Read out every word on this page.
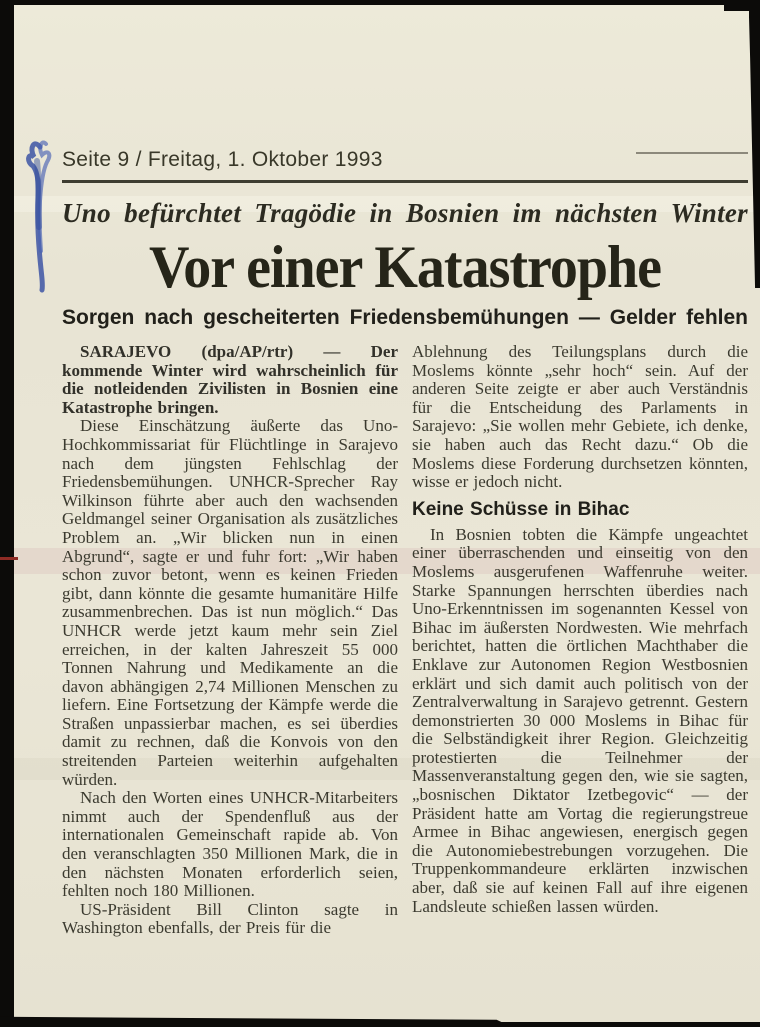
Seite 9 / Freitag, 1. Oktober 1993
Uno befürchtet Tragödie in Bosnien im nächsten Winter
Vor einer Katastrophe
Sorgen nach gescheiterten Friedensbemühungen — Gelder fehlen

SARAJEVO (dpa/AP/rtr) — Der kommende Winter wird wahrscheinlich für die notleidenden Zivilisten in Bosnien eine Katastrophe bringen.

Diese Einschätzung äußerte das Uno-Hochkommissariat für Flüchtlinge in Sarajevo nach dem jüngsten Fehlschlag der Friedensbemühungen. UNHCR-Sprecher Ray Wilkinson führte aber auch den wachsenden Geldmangel seiner Organisation als zusätzliches Problem an. „Wir blicken nun in einen Abgrund“, sagte er und fuhr fort: „Wir haben schon zuvor betont, wenn es keinen Frieden gibt, dann könnte die gesamte humanitäre Hilfe zusammenbrechen. Das ist nun möglich.“ Das UNHCR werde jetzt kaum mehr sein Ziel erreichen, in der kalten Jahreszeit 55 000 Tonnen Nahrung und Medikamente an die davon abhängigen 2,74 Millionen Menschen zu liefern. Eine Fortsetzung der Kämpfe werde die Straßen unpassierbar machen, es sei überdies damit zu rechnen, daß die Konvois von den streitenden Parteien weiterhin aufgehalten würden.

Nach den Worten eines UNHCR-Mitarbeiters nimmt auch der Spendenfluß aus der internationalen Gemeinschaft rapide ab. Von den veranschlagten 350 Millionen Mark, die in den nächsten Monaten erforderlich seien, fehlten noch 180 Millionen.

US-Präsident Bill Clinton sagte in Washington ebenfalls, der Preis für die

Ablehnung des Teilungsplans durch die Moslems könnte „sehr hoch“ sein. Auf der anderen Seite zeigte er aber auch Verständnis für die Entscheidung des Parlaments in Sarajevo: „Sie wollen mehr Gebiete, ich denke, sie haben auch das Recht dazu.“ Ob die Moslems diese Forderung durchsetzen könnten, wisse er jedoch nicht.

Keine Schüsse in Bihac

In Bosnien tobten die Kämpfe ungeachtet einer überraschenden und einseitig von den Moslems ausgerufenen Waffenruhe weiter. Starke Spannungen herrschten überdies nach Uno-Erkenntnissen im sogenannten Kessel von Bihac im äußersten Nordwesten. Wie mehrfach berichtet, hatten die örtlichen Machthaber die Enklave zur Autonomen Region Westbosnien erklärt und sich damit auch politisch von der Zentralverwaltung in Sarajevo getrennt. Gestern demonstrierten 30 000 Moslems in Bihac für die Selbständigkeit ihrer Region. Gleichzeitig protestierten die Teilnehmer der Massenveranstaltung gegen den, wie sie sagten, „bosnischen Diktator Izetbegovic“ — der Präsident hatte am Vortag die regierungstreue Armee in Bihac angewiesen, energisch gegen die Autonomiebestrebungen vorzugehen. Die Truppenkommandeure erklärten inzwischen aber, daß sie auf keinen Fall auf ihre eigenen Landsleute schießen lassen würden.
